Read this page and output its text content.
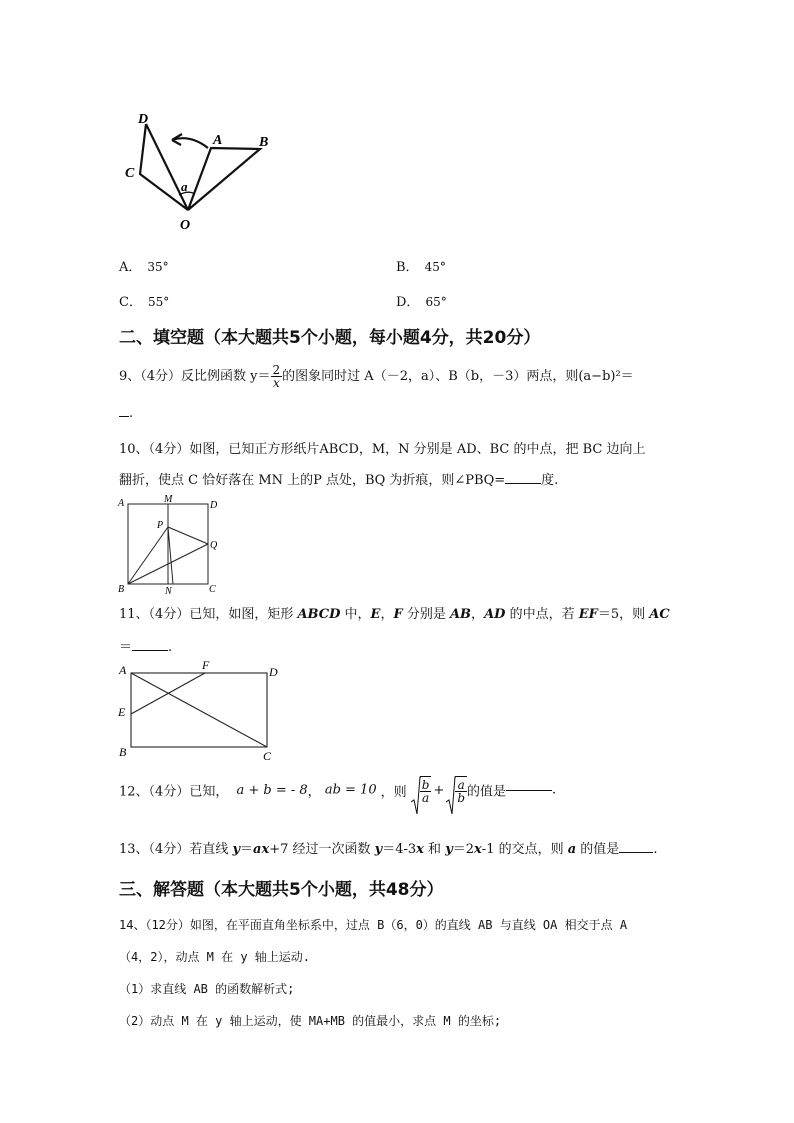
D
A	B
C
a
O
A． 35°	B． 45°
C． 55°	D． 65°
二、填空题（本大题共5个小题，每小题4分，共20分）
9、（4分）反比例函数 $y= \frac{2}{x}$ 的图象同时过 A（－2，a）、B（b，－3）两点，则(a−b)²＝
.
10、（4分）如图，已知正方形纸片ABCD，M，N 分别是 AD、BC 的中点，把 BC 边向上
翻折，使点 C 恰好落在 MN 上的P 点处，BQ 为折痕，则∠PBQ=	度.
A	M
D
P
Q
B	N	C
11、（4分）已知，如图，矩形 ABCD 中，E，F 分别是 AB，AD 的中点，若 EF＝5，则 AC
＝	.
A	F	D
E
B	C
12、（4分）已知， a + b = - 8， ab = 10 ，则 $\frac{b}{a} + \frac{a}{b}$ 的值是	.
13、（4分）若直线 y＝ax+7 经过一次函数 y＝4-3x 和 y＝2x-1 的交点，则 a 的值是	.
三、解答题（本大题共5个小题，共48分）
14、（12分）如图，在平面直角坐标系中，过点 B（6，0）的直线 AB 与直线 OA 相交于点 A
（4，2），动点 M 在 y 轴上运动.
（1）求直线 AB 的函数解析式;
（2）动点 M 在 y 轴上运动，使 MA+MB 的值最小，求点 M 的坐标;
